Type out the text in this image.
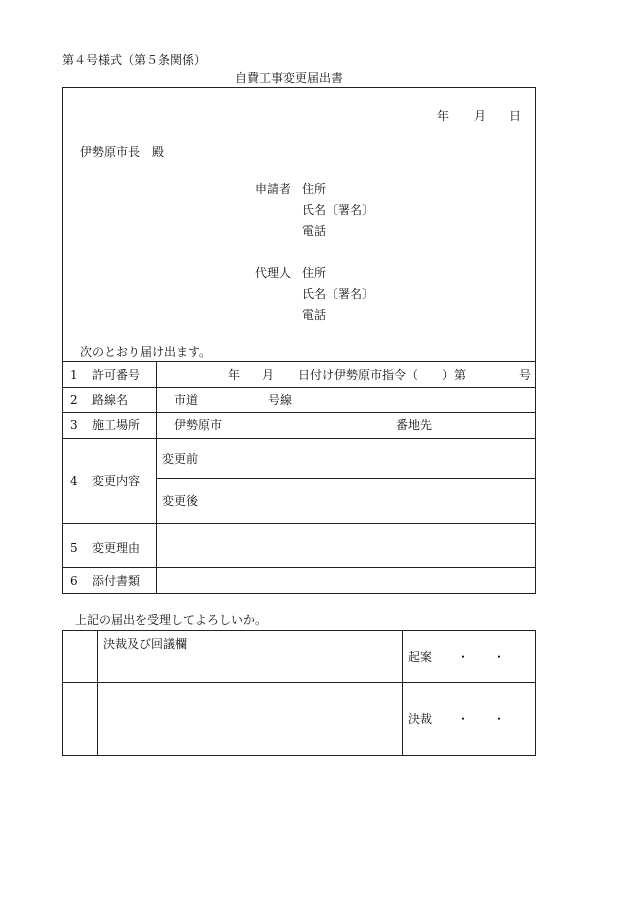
第４号様式（第５条関係）
自費工事変更届出書
年 月 日
伊勢原市長　殿
申請者 住所
氏名〔署名〕
電話
代理人 住所
氏名〔署名〕
電話
次のとおり届け出ます。
1 許可番号	年 月 日付け伊勢原市指令（　　）第	号
2 路線名	市道	号線
3 施工場所	伊勢原市	番地先
4 変更内容
変更前
変更後
5 変更理由
6 添付書類
上記の届出を受理してよろしいか。
決裁及び回議欄
起案 ・　　・
決裁 ・　　・
